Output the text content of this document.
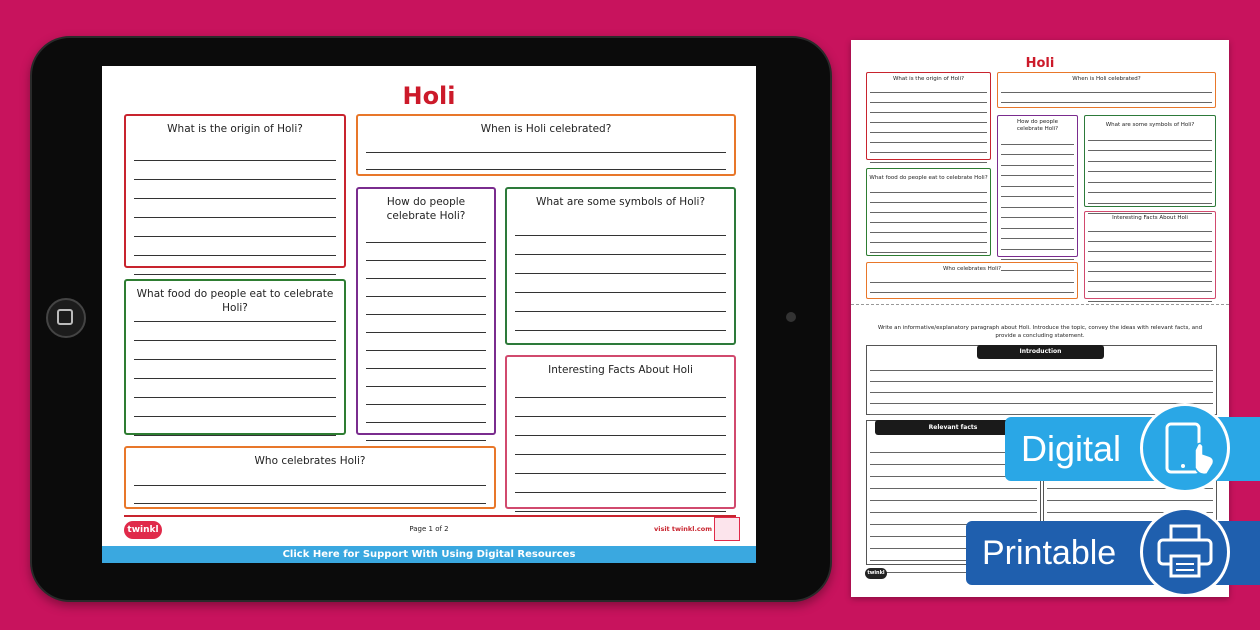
Holi
What is the origin of Holi?	When is Holi celebrated?
How do people celebrate Holi?
What are some symbols of Holi?
What food do people eat to celebrate Holi?
Interesting Facts About Holi
Who celebrates Holi?
twinkl	Page 1 of 2	visit twinkl.com
Click Here for Support With Using Digital Resources
Holi
What is the origin of Holi?	When is Holi celebrated?
How do people celebrate Holi?
What are some symbols of Holi?
What food do people eat to celebrate Holi?
Interesting Facts About Holi
Who celebrates Holi?
Write an informative/explanatory paragraph about Holi. Introduce the topic, convey the ideas with relevant facts, and provide a concluding statement.
Introduction
Relevant facts
twinkl
Digital
Printable
